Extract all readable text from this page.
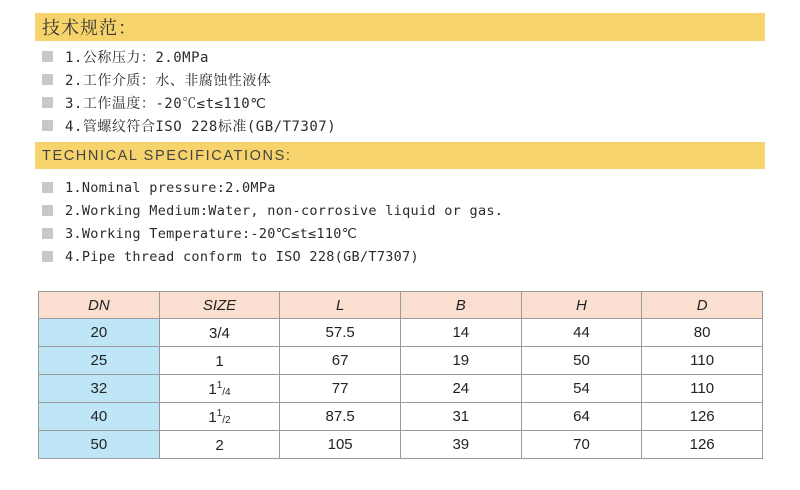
技术规范：
1.公称压力：2.0MPa
2.工作介质：水、非腐蚀性液体
3.工作温度：-20℃≤t≤110℃
4.管螺纹符合ISO 228标准(GB/T7307)
TECHNICAL SPECIFICATIONS:
1.Nominal pressure:2.0MPa
2.Working Medium:Water, non-corrosive liquid or gas.
3.Working Temperature:-20℃≤t≤110℃
4.Pipe thread conform to ISO 228(GB/T7307)
DN	SIZE	L	B	H	D
20	3/4	57.5	14	44	80
25	1	67	19	50	110
32	$1^1_{/4}$	77	24	54	110
40	$1^1_{/2}$	87.5	31	64	126
50	2	105	39	70	126
